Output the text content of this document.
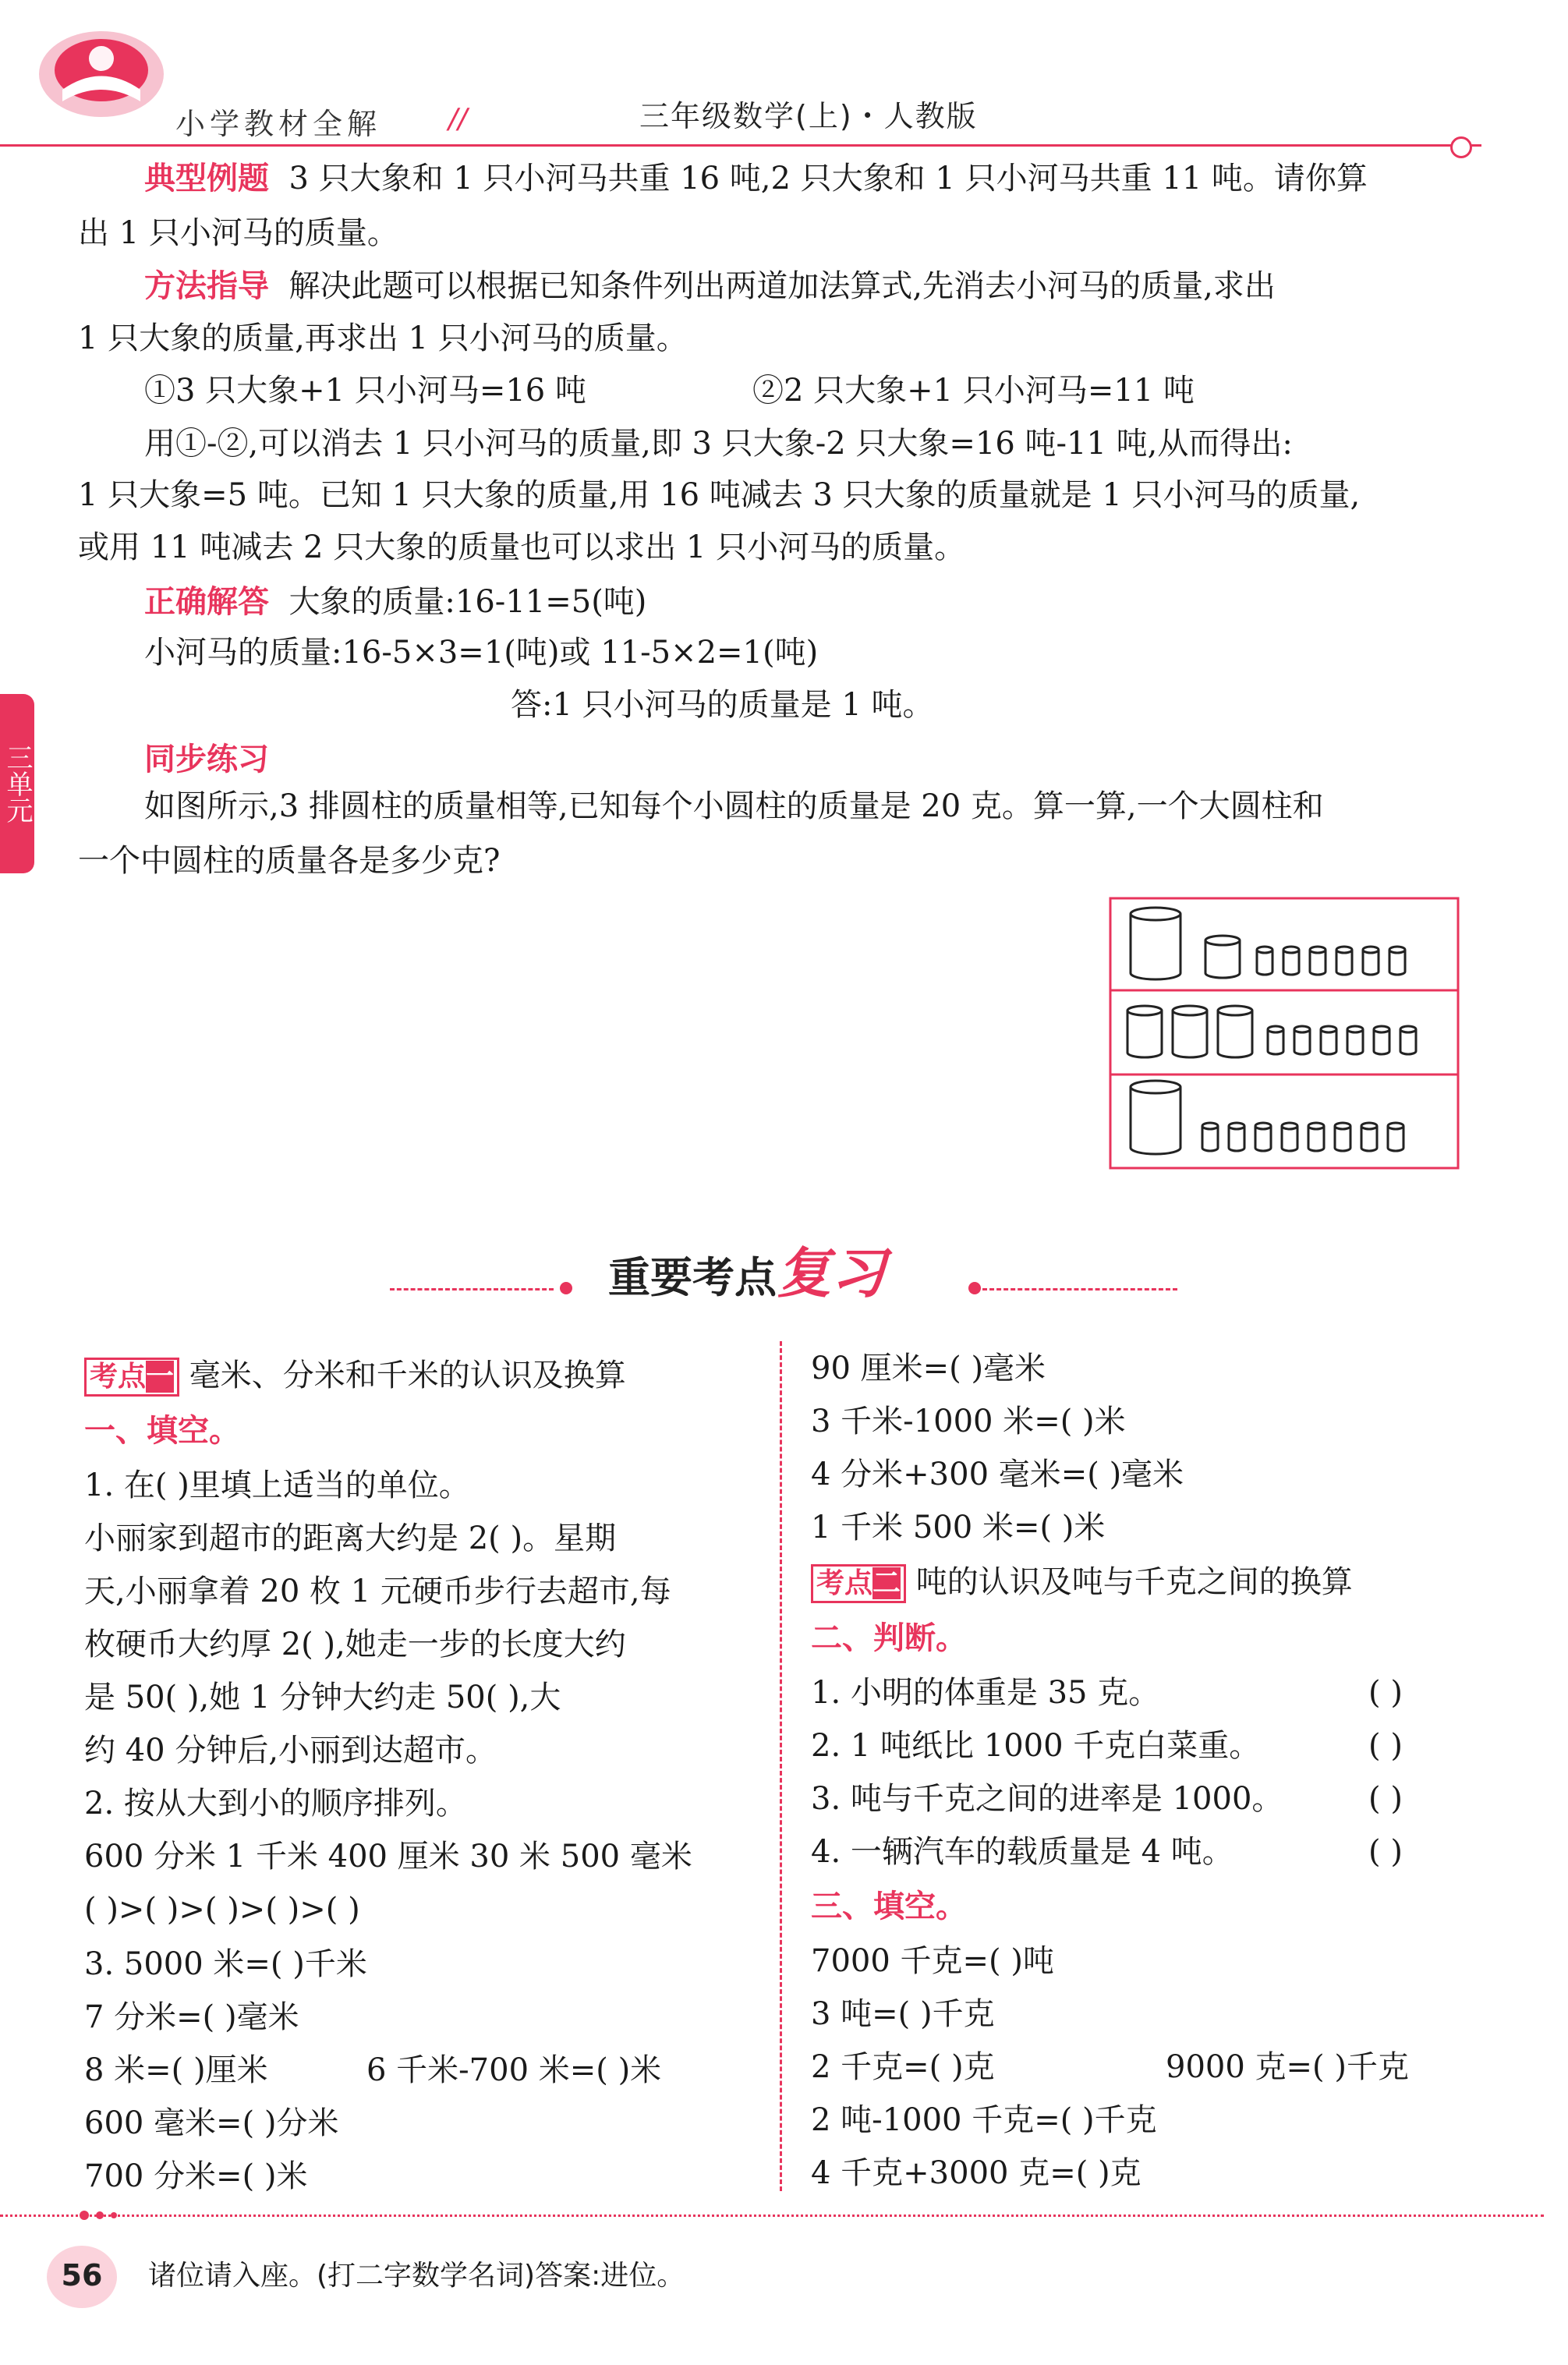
小学教材全解 //	三年级数学(上)・人教版
三单元
典型例题 3 只大象和 1 只小河马共重 16 吨,2 只大象和 1 只小河马共重 11 吨。请你算
出 1 只小河马的质量。
方法指导 解决此题可以根据已知条件列出两道加法算式,先消去小河马的质量,求出
1 只大象的质量,再求出 1 只小河马的质量。
①3 只大象+1 只小河马=16 吨	②2 只大象+1 只小河马=11 吨
用①-②,可以消去 1 只小河马的质量,即 3 只大象-2 只大象=16 吨-11 吨,从而得出:
1 只大象=5 吨。已知 1 只大象的质量,用 16 吨减去 3 只大象的质量就是 1 只小河马的质量,
或用 11 吨减去 2 只大象的质量也可以求出 1 只小河马的质量。
正确解答 大象的质量:16-11=5(吨)
小河马的质量:16-5×3=1(吨)或 11-5×2=1(吨)
答:1 只小河马的质量是 1 吨。
同步练习
如图所示,3 排圆柱的质量相等,已知每个小圆柱的质量是 20 克。算一算,一个大圆柱和
一个中圆柱的质量各是多少克?
重要考点复习
考点一 毫米、分米和千米的认识及换算
一、填空。
1. 在( )里填上适当的单位。
小丽家到超市的距离大约是 2( )。星期
天,小丽拿着 20 枚 1 元硬币步行去超市,每
枚硬币大约厚 2( ),她走一步的长度大约
是 50( ),她 1 分钟大约走 50( ),大
约 40 分钟后,小丽到达超市。
2. 按从大到小的顺序排列。
600 分米 1 千米 400 厘米 30 米 500 毫米
( )>( )>( )>( )>( )
3. 5000 米=( )千米
7 分米=( )毫米
8 米=( )厘米	6 千米-700 米=( )米
600 毫米=( )分米
700 分米=( )米
90 厘米=( )毫米
3 千米-1000 米=( )米
4 分米+300 毫米=( )毫米
1 千米 500 米=( )米
考点二 吨的认识及吨与千克之间的换算
二、判断。
1. 小明的体重是 35 克。	( )
2. 1 吨纸比 1000 千克白菜重。	( )
3. 吨与千克之间的进率是 1000。	( )
4. 一辆汽车的载质量是 4 吨。	( )
三、填空。
7000 千克=( )吨
3 吨=( )千克
2 千克=( )克	9000 克=( )千克
2 吨-1000 千克=( )千克
4 千克+3000 克=( )克
56	诸位请入座。(打二字数学名词)答案:进位。
